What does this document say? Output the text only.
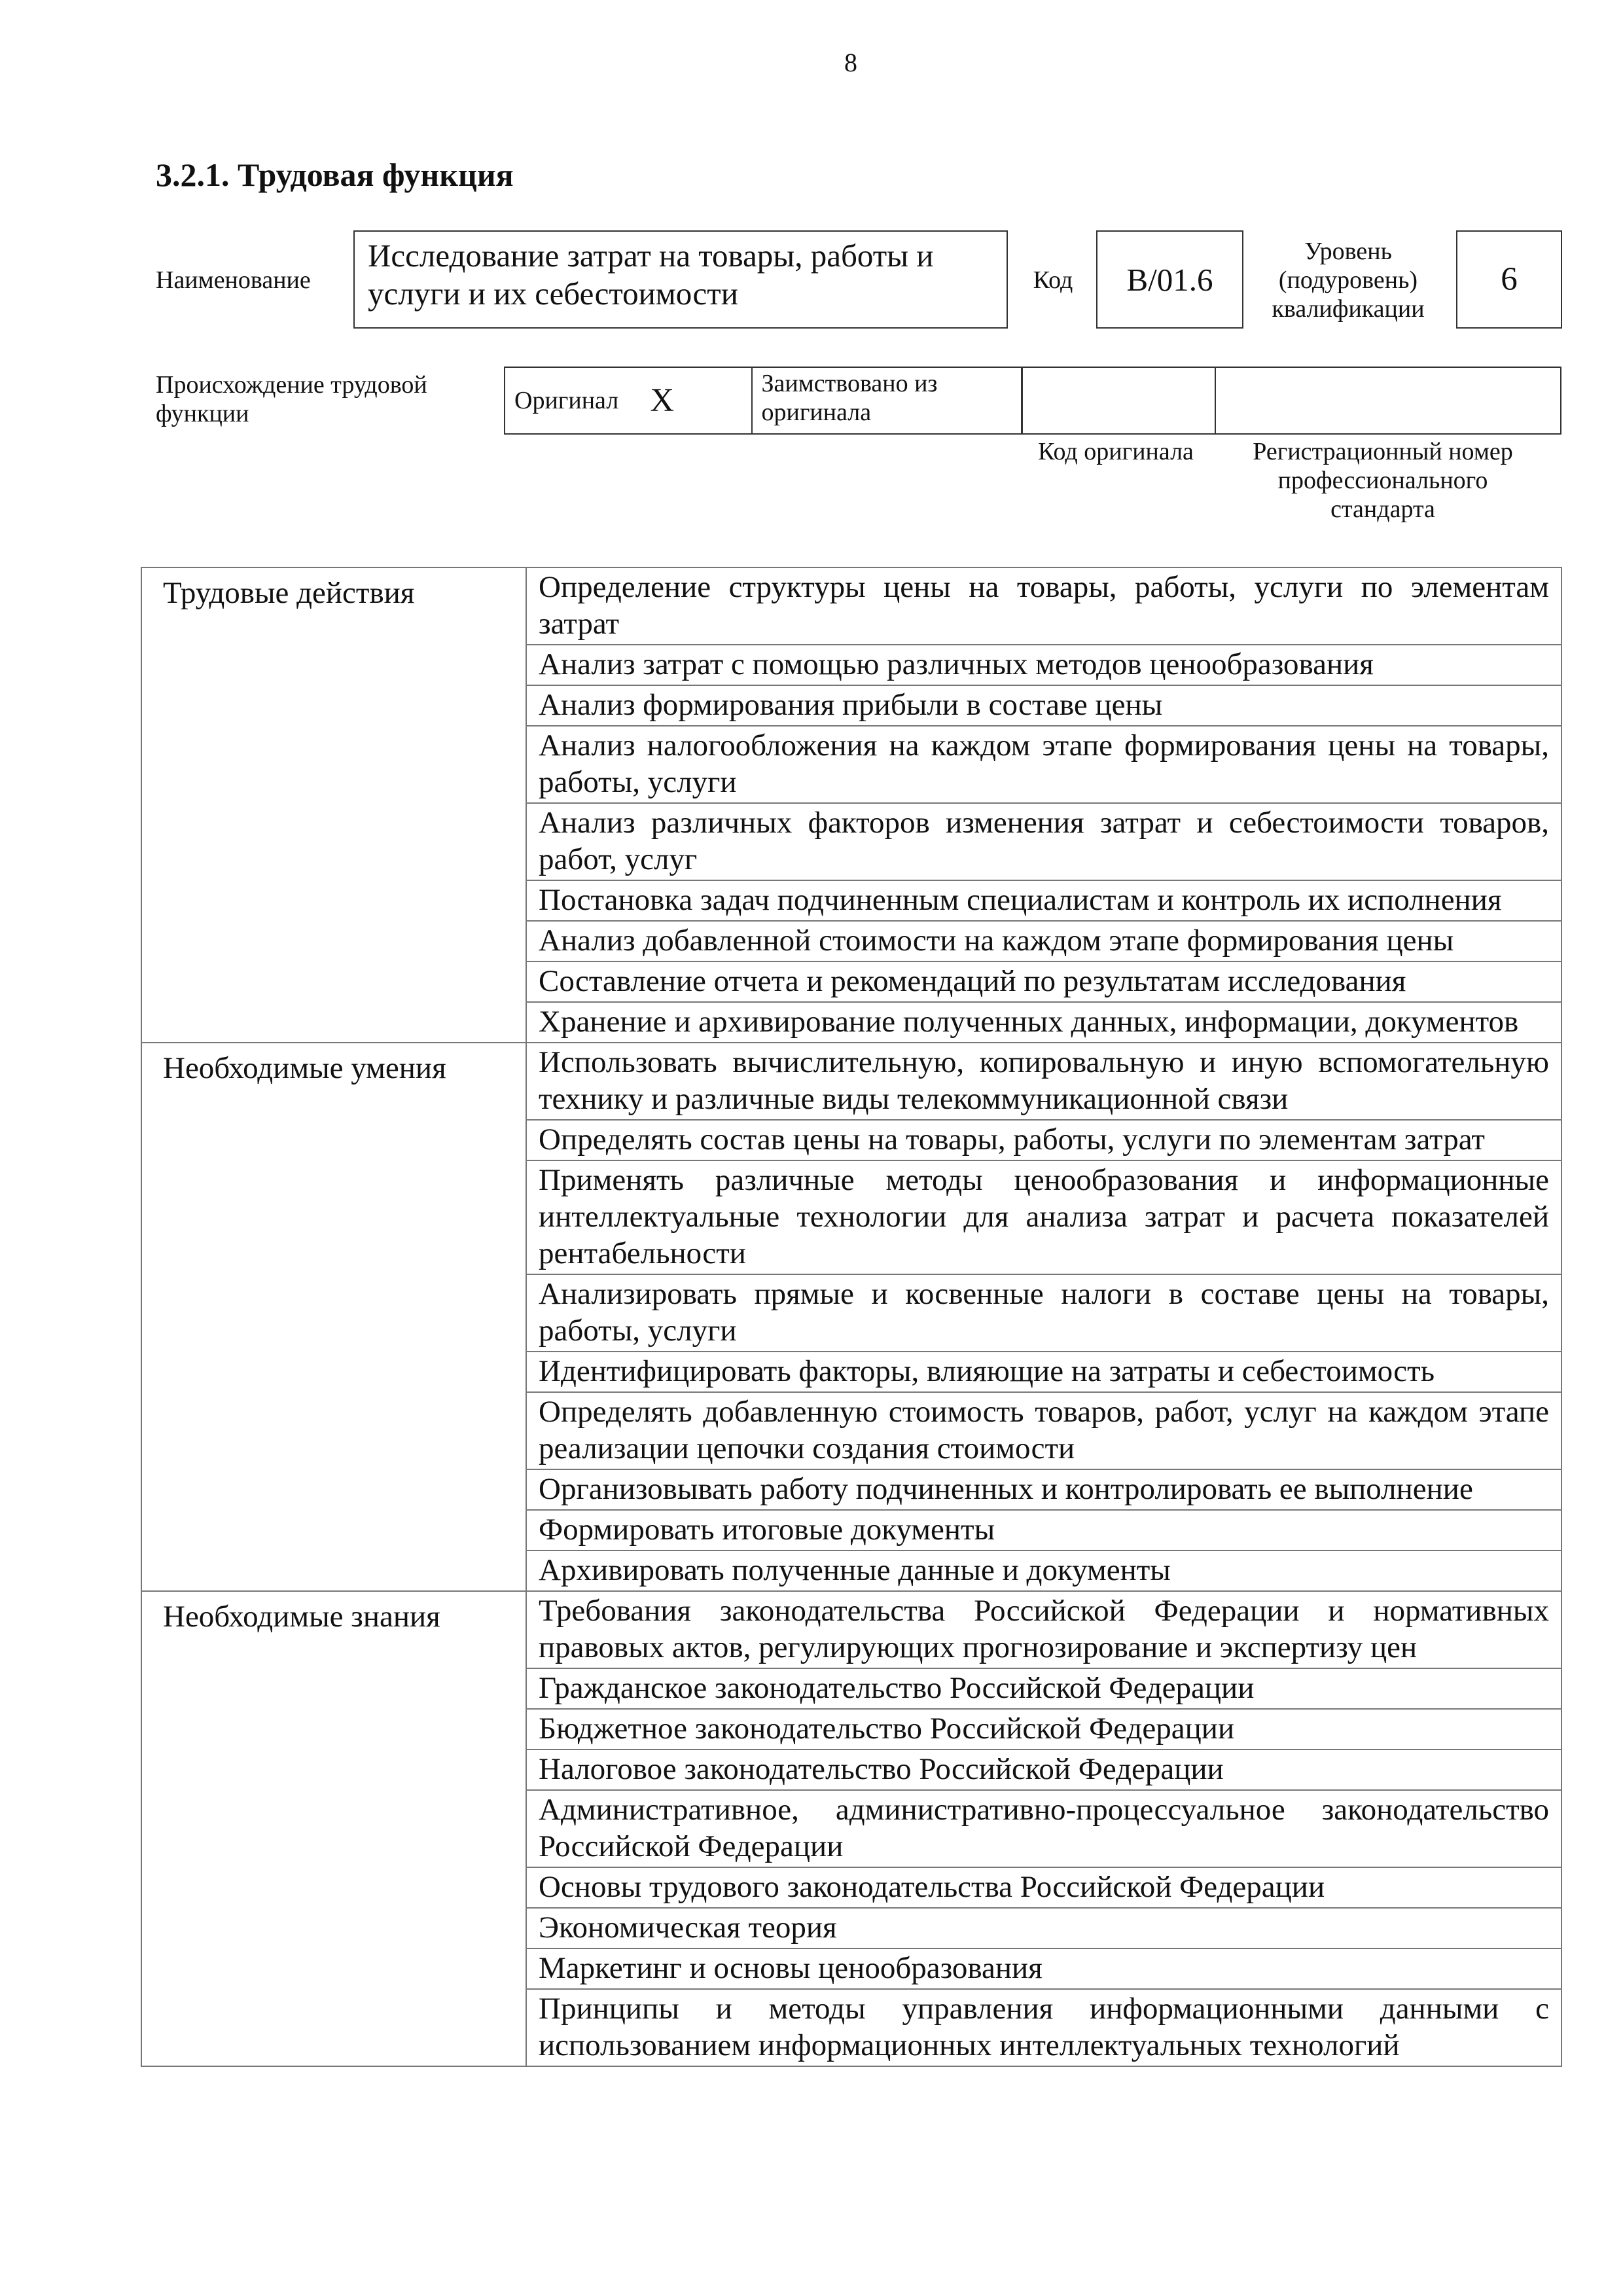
8
3.2.1. Трудовая функция
Наименование
Исследование затрат на товары, работы и услуги и их себестоимости	Код	B/01.6
Уровень (подуровень) квалификации
6
Происхождение трудовой функции	Оригинал X	Заимствовано из оригинала
Код оригинала	Регистрационный номер профессионального стандарта
Трудовые действия	Определение структуры цены на товары, работы, услуги по элементам затрат
	Анализ затрат с помощью различных методов ценообразования
	Анализ формирования прибыли в составе цены
	Анализ налогообложения на каждом этапе формирования цены на товары, работы, услуги
	Анализ различных факторов изменения затрат и себестоимости товаров, работ, услуг
	Постановка задач подчиненным специалистам и контроль их исполнения
	Анализ добавленной стоимости на каждом этапе формирования цены
	Составление отчета и рекомендаций по результатам исследования
	Хранение и архивирование полученных данных, информации, документов
Необходимые умения	Использовать вычислительную, копировальную и иную вспомогательную технику и различные виды телекоммуникационной связи
	Определять состав цены на товары, работы, услуги по элементам затрат
	Применять различные методы ценообразования и информационные интеллектуальные технологии для анализа затрат и расчета показателей рентабельности
	Анализировать прямые и косвенные налоги в составе цены на товары, работы, услуги
	Идентифицировать факторы, влияющие на затраты и себестоимость
	Определять добавленную стоимость товаров, работ, услуг на каждом этапе реализации цепочки создания стоимости
	Организовывать работу подчиненных и контролировать ее выполнение
	Формировать итоговые документы
	Архивировать полученные данные и документы
Необходимые знания	Требования законодательства Российской Федерации и нормативных правовых актов, регулирующих прогнозирование и экспертизу цен
	Гражданское законодательство Российской Федерации
	Бюджетное законодательство Российской Федерации
	Налоговое законодательство Российской Федерации
	Административное, административно-процессуальное законодательство Российской Федерации
	Основы трудового законодательства Российской Федерации
	Экономическая теория
	Маркетинг и основы ценообразования
	Принципы и методы управления информационными данными с использованием информационных интеллектуальных технологий
